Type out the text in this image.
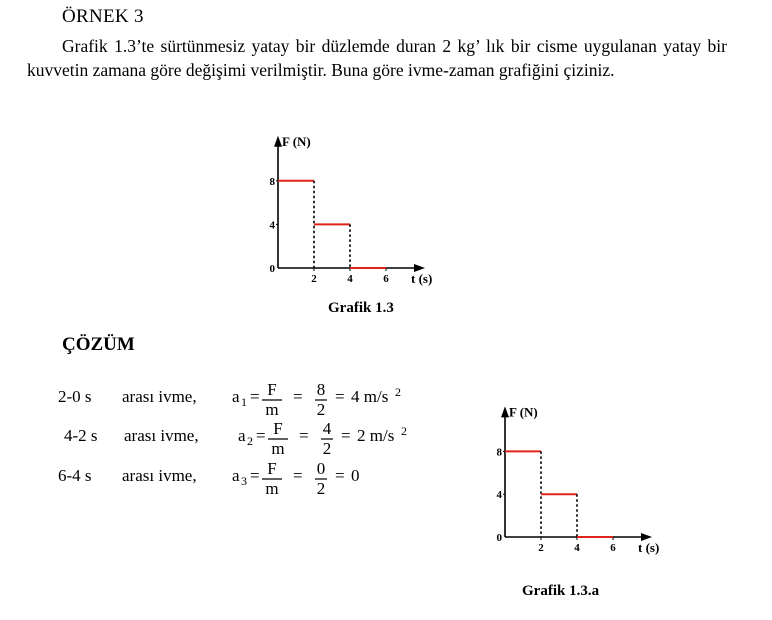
ÖRNEK 3
Grafik 1.3’te sürtünmesiz yatay bir düzlemde duran 2 kg’ lık bir cisme uygulanan yatay bir kuvvetin zamana göre değişimi verilmiştir. Buna göre ivme-zaman grafiğini çiziniz.
F (N)
t (s)
0
4
8
2	4	6
Grafik 1.3
ÇÖZÜM
2-0 s arası ivme, a 1 = F
m
= 8
2
= 4 m/s 2
4-2 s arası ivme, a 2 = F
m
= 4
2
= 2 m/s 2
6-4 s arası ivme, a 3 = F
m
= 0
2
= 0
F (N)
t (s)
0
4
8
2	4	6
Grafik 1.3.a
